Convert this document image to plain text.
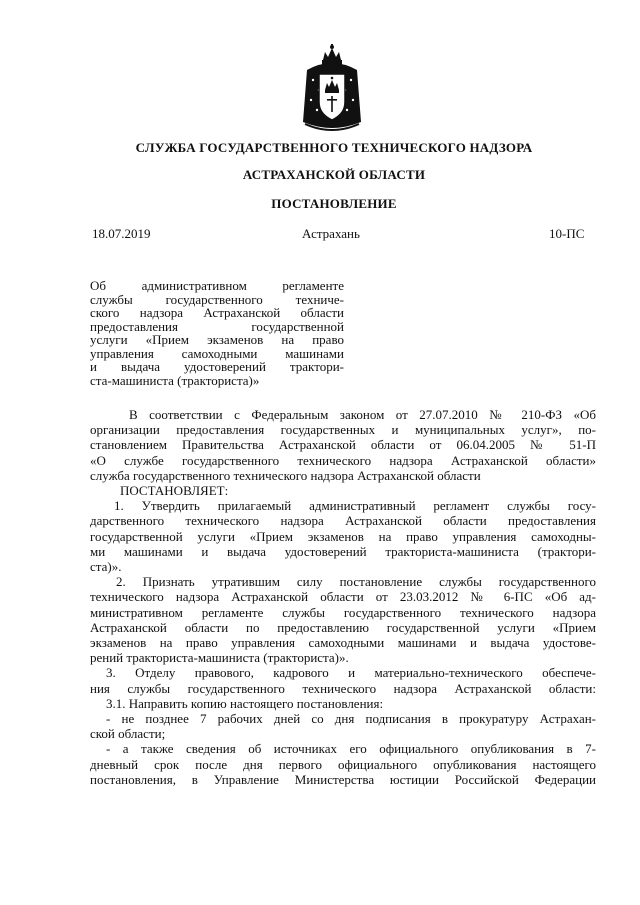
СЛУЖБА ГОСУДАРСТВЕННОГО ТЕХНИЧЕСКОГО НАДЗОРА
АСТРАХАНСКОЙ ОБЛАСТИ
ПОСТАНОВЛЕНИЕ
18.07.2019	Астрахань	10-ПС
Об административном регламенте
службы государственного техниче-
ского надзора Астраханской области
предоставления государственной
услуги «Прием экзаменов на право
управления самоходными машинами
и выдача удостоверений трактори-
ста-машиниста (тракториста)»
В соответствии с Федеральным законом от 27.07.2010 № 210-ФЗ «Об
организации предоставления государственных и муниципальных услуг», по-
становлением Правительства Астраханской области от 06.04.2005 № 51-П
«О службе государственного технического надзора Астраханской области»
служба государственного технического надзора Астраханской области
ПОСТАНОВЛЯЕТ:
1. Утвердить прилагаемый административный регламент службы госу-
дарственного технического надзора Астраханской области предоставления
государственной услуги «Прием экзаменов на право управления самоходны-
ми машинами и выдача удостоверений тракториста-машиниста (трактори-
ста)».
2. Признать утратившим силу постановление службы государственного
технического надзора Астраханской области от 23.03.2012 № 6-ПС «Об ад-
министративном регламенте службы государственного технического надзора
Астраханской области по предоставлению государственной услуги «Прием
экзаменов на право управления самоходными машинами и выдача удостове-
рений тракториста-машиниста (тракториста)».
3. Отделу правового, кадрового и материально-технического обеспече-
ния службы государственного технического надзора Астраханской области:
3.1. Направить копию настоящего постановления:
- не позднее 7 рабочих дней со дня подписания в прокуратуру Астрахан-
ской области;
- а также сведения об источниках его официального опубликования в 7-
дневный срок после дня первого официального опубликования настоящего
постановления, в Управление Министерства юстиции Российской Федерации
